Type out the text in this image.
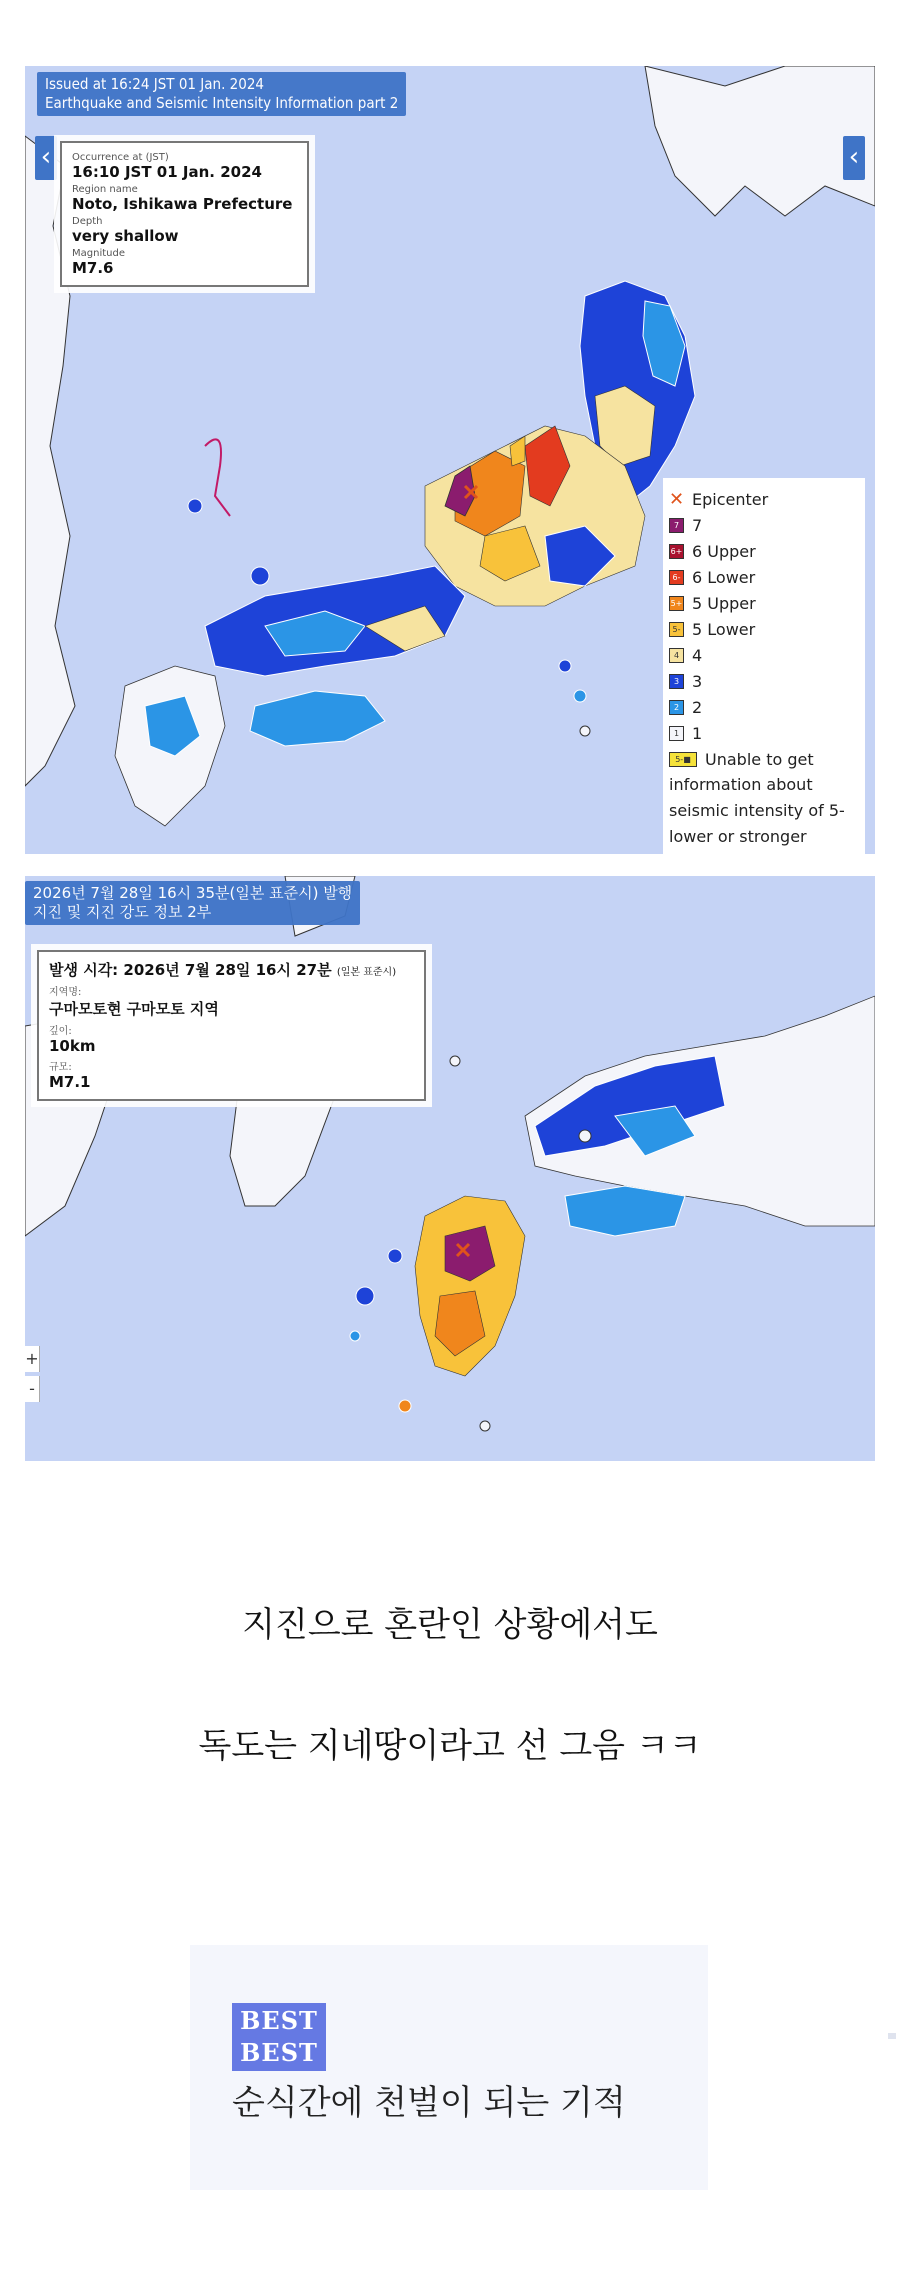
Issued at 16:24 JST 01 Jan. 2024
Earthquake and Seismic Intensity Information part 2
‹	‹
Occurrence at (JST)
16:10 JST 01 Jan. 2024
Region name
Noto, Ishikawa Prefecture
Depth
very shallow
Magnitude
M7.6
✕ Epicenter
7 7
6+ 6 Upper
6- 6 Lower
5+ 5 Upper
5- 5 Lower
4 4
3 3
2 2
1 1
5-■ Unable to get
information about
seismic intensity of 5-
lower or stronger
2026년 7월 28일 16시 35분(일본 표준시) 발행
지진 및 지진 강도 정보 2부
발생 시각: 2026년 7월 28일 16시 27분 (일본 표준시)
지역명:
구마모토현 구마모토 지역
깊이:
10km
규모:
M7.1
+
-
지진으로 혼란인 상황에서도
독도는 지네땅이라고 선 그음 ㅋㅋ
BEST
BEST
순식간에 천벌이 되는 기적
